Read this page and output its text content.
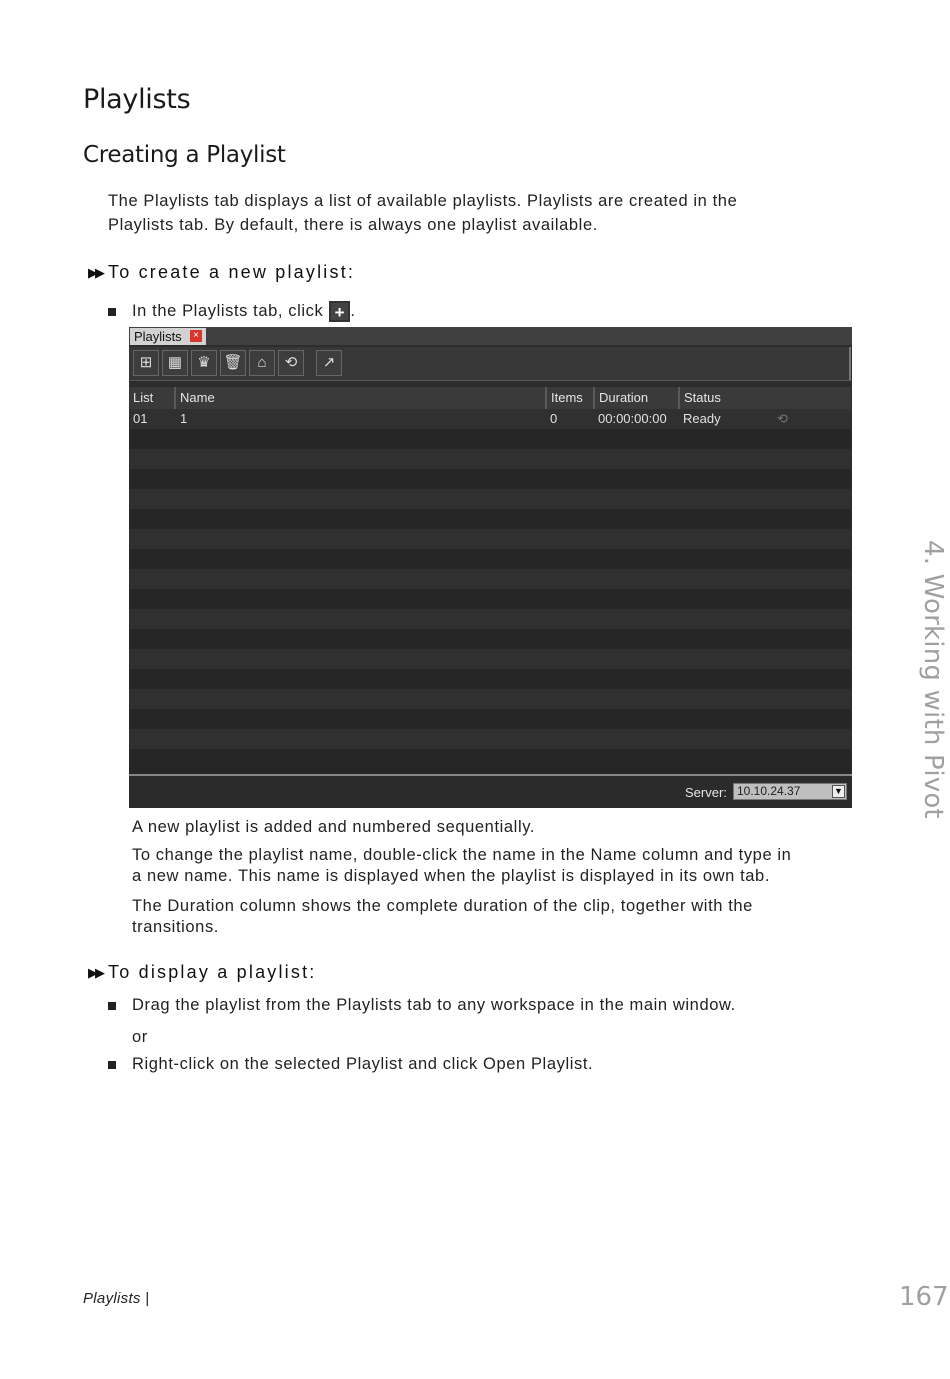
Playlists
Creating a Playlist
The Playlists tab displays a list of available playlists. Playlists are created in the
Playlists tab. By default, there is always one playlist available.
▶▶ To create a new playlist:
In the Playlists tab, click + .
Playlists	×
⊞	▦	♛ 🗑 ⌂	⟲	↗
List	Name	Items	Duration	Status
01	1	0	00:00:00:00	Ready	⟲
Server: 10.10.24.37	▼
A new playlist is added and numbered sequentially.
To change the playlist name, double-click the name in the Name column and type in
a new name. This name is displayed when the playlist is displayed in its own tab.
The Duration column shows the complete duration of the clip, together with the
transitions.
▶▶ To display a playlist:
Drag the playlist from the Playlists tab to any workspace in the main window.
or
Right-click on the selected Playlist and click Open Playlist.
4. Working with Pivot
Playlists |	167
